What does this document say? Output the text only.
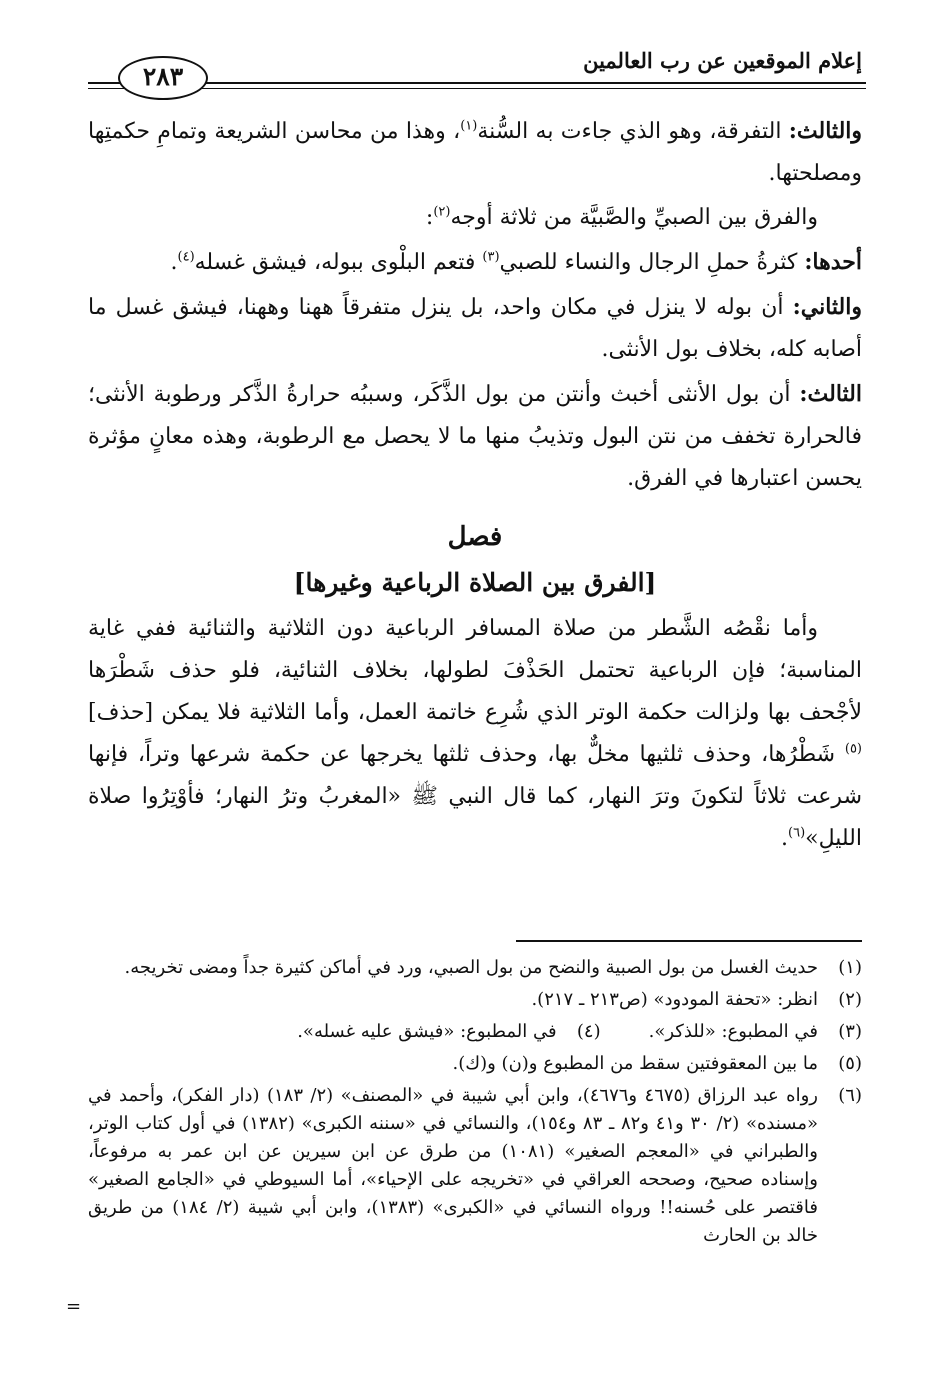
إعلام الموقعين عن رب العالمين
٢٨٣

والثالث: التفرقة، وهو الذي جاءت به السُّنة$^{(١)}$، وهذا من محاسن الشريعة وتمامِ حكمتِها ومصلحتها.

والفرق بين الصبيِّ والصَّبيَّة من ثلاثة أوجه$^{(٢)}$:

أحدها: كثرةُ حملِ الرجال والنساء للصبي$^{(٣)}$ فتعم البلْوى ببوله، فيشق غسله$^{(٤)}$.

والثاني: أن بوله لا ينزل في مكان واحد، بل ينزل متفرقاً ههنا وههنا، فيشق غسل ما أصابه كله، بخلاف بول الأنثى.

الثالث: أن بول الأنثى أخبث وأنتن من بول الذَّكَر، وسببُه حرارةُ الذَّكر ورطوبة الأنثى؛ فالحرارة تخفف من نتن البول وتذيبُ منها ما لا يحصل مع الرطوبة، وهذه معانٍ مؤثرة يحسن اعتبارها في الفرق.

فصل
[الفرق بين الصلاة الرباعية وغيرها]

وأما نقْصُه الشَّطر من صلاة المسافر الرباعية دون الثلاثية والثنائية ففي غاية المناسبة؛ فإن الرباعية تحتمل الحَذْفَ لطولها، بخلاف الثنائية، فلو حذف شَطْرَها لأجْحف بها ولزالت حكمة الوتر الذي شُرِع خاتمة العمل، وأما الثلاثية فلا يمكن [حذف]$^{(٥)}$ شَطْرُها، وحذف ثلثيها مخلٌّ بها، وحذف ثلثها يخرجها عن حكمة شرعها وتراً، فإنها شرعت ثلاثاً لتكونَ وترَ النهار، كما قال النبي ﷺ «المغربُ وترُ النهار؛ فأوْتِرُوا صلاة الليلِ»$^{(٦)}$.

(١)
حديث الغسل من بول الصبية والنضح من بول الصبي، ورد في أماكن كثيرة جداً ومضى تخريجه.
(٢)
انظر: «تحفة المودود» (ص٢١٣ ـ ٢١٧).
(٣)
في المطبوع: «للذكر».
(٤)
في المطبوع: «فيشق عليه غسله».
(٥)
ما بين المعقوفتين سقط من المطبوع و(ن) و(ك).
(٦)
رواه عبد الرزاق (٤٦٧٥ و٤٦٧٦)، وابن أبي شيبة في «المصنف» (٢/ ١٨٣) (دار الفكر)، وأحمد في «مسنده» (٢/ ٣٠ و٤١ و٨٢ ـ ٨٣ و١٥٤)، والنسائي في «سننه الكبرى» (١٣٨٢) في أول كتاب الوتر، والطبراني في «المعجم الصغير» (١٠٨١) من طرق عن ابن سيرين عن ابن عمر به مرفوعاً، وإسناده صحيح، وصححه العراقي في «تخريجه على الإحياء»، أما السيوطي في «الجامع الصغير» فاقتصر على حُسنه!! ورواه النسائي في «الكبرى» (١٣٨٣)، وابن أبي شيبة (٢/ ١٨٤) من طريق خالد بن الحارث
=
